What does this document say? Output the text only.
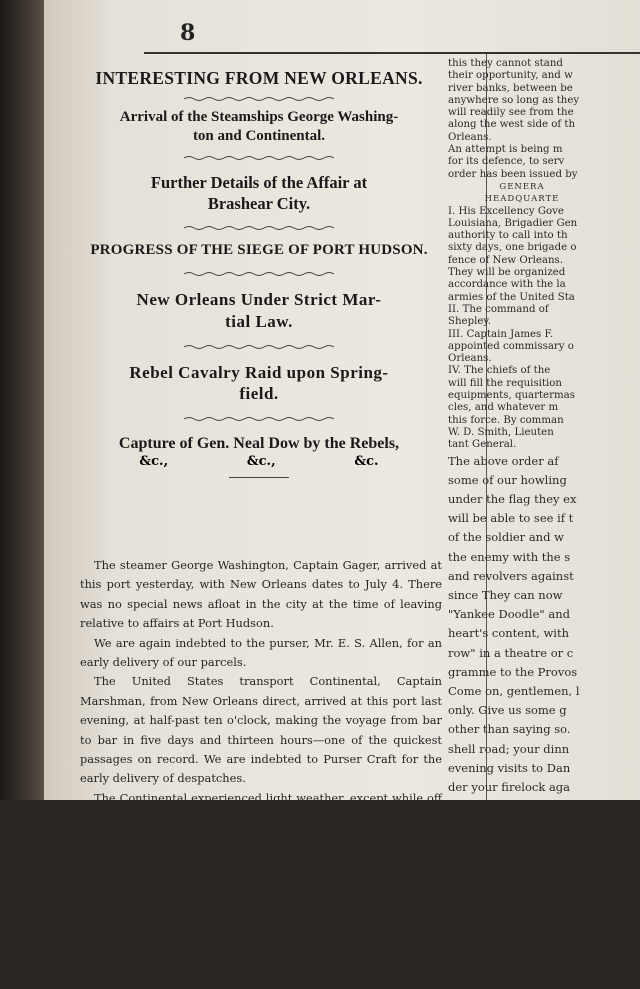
8
INTERESTING FROM NEW ORLEANS.
Arrival of the Steamships George Washing-
ton and Continental.
Further Details of the Affair at
Brashear City.
PROGRESS OF THE SIEGE OF PORT HUDSON.
New Orleans Under Strict Mar-
tial Law.
Rebel Cavalry Raid upon Spring-
field.
Capture of Gen. Neal Dow by the Rebels,
&c.,	&c.,	&c.

The steamer George Washington, Captain Gager, arrived at this port yesterday, with New Orleans dates to July 4. There was no special news afloat in the city at the time of leaving relative to affairs at Port Hudson.

We are again indebted to the purser, Mr. E. S. Allen, for an early delivery of our parcels.

The United States transport Continental, Captain Marshman, from New Orleans direct, arrived at this port last evening, at half-past ten o'clock, making the voyage from bar to bar in five days and thirteen hours—one of the quickest passages on record. We are indebted to Purser Craft for the early delivery of despatches.

The Continental experienced light weather, except while off Charleston, where she encountered for about

this they cannot stand
their opportunity, and w
river banks, between be
anywhere so long as they
will readily see from the
along the west side of th
Orleans.
An attempt is being m
for its defence, to serv
order has been issued by
GENERA
HEADQUARTE
I. His Excellency Gove
Louisiana, Brigadier Gen
authority to call into th
sixty days, one brigade o
fence of New Orleans.
They will be organized
accordance with the la
armies of the United Sta
II. The command of
Shepley.
III. Captain James F.
appointed commissary o
Orleans.
IV. The chiefs of the
will fill the requisition
equipments, quartermas
cles, and whatever m
this force. By comman
W. D. Smith, Lieuten
tant General.
The above order af
some of our howling
under the flag they ex
will be able to see if t
of the soldier and w
the enemy with the s
and revolvers against
since They can now
"Yankee Doodle" and
heart's content, with
row" in a theatre or c
gramme to the Provos
Come on, gentlemen, l
only. Give us some g
other than saying so.
shell road; your dinn
evening visits to Dan
der your firelock aga
would hang—after t
on every lamp post
the pudding is in the
men of New Orleans
of their fondness for
are so anxious should
the city. Some of th
ward; but the majo
where they are—unle
tors—for their desire
